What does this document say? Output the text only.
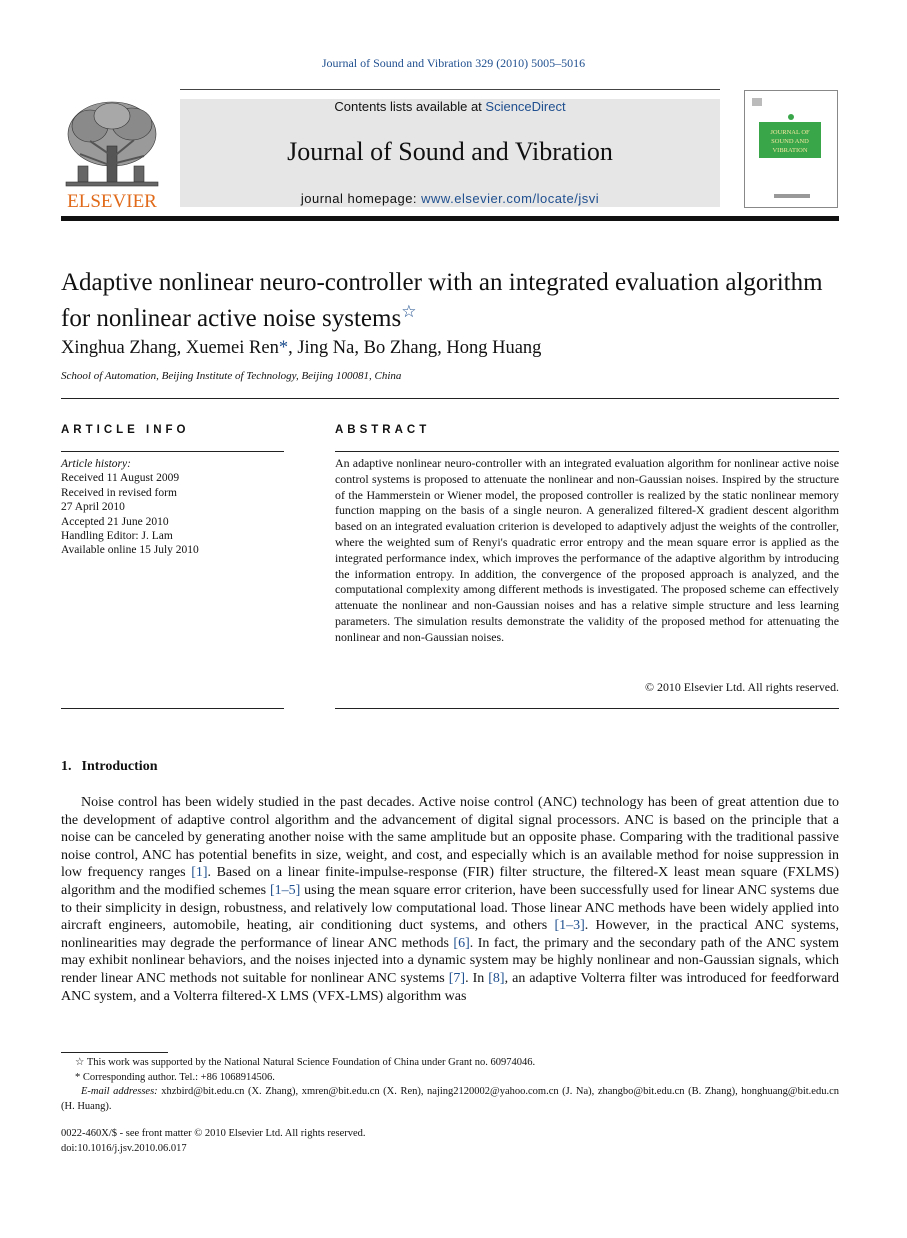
Journal of Sound and Vibration 329 (2010) 5005–5016
ELSEVIER
Contents lists available at ScienceDirect
Journal of Sound and Vibration
journal homepage: www.elsevier.com/locate/jsvi
JOURNAL OF
SOUND AND
VIBRATION
Adaptive nonlinear neuro-controller with an integrated evaluation algorithm for nonlinear active noise systems☆
Xinghua Zhang, Xuemei Ren*, Jing Na, Bo Zhang, Hong Huang
School of Automation, Beijing Institute of Technology, Beijing 100081, China
ARTICLE INFO
Article history:
Received 11 August 2009
Received in revised form
27 April 2010
Accepted 21 June 2010
Handling Editor: J. Lam
Available online 15 July 2010
ABSTRACT
An adaptive nonlinear neuro-controller with an integrated evaluation algorithm for nonlinear active noise control systems is proposed to attenuate the nonlinear and non-Gaussian noises. Inspired by the structure of the Hammerstein or Wiener model, the proposed controller is realized by the static nonlinear memory function mapping on the basis of a single neuron. A generalized filtered-X gradient descent algorithm based on an integrated evaluation criterion is developed to adaptively adjust the weights of the controller, where the weighted sum of Renyi's quadratic error entropy and the mean square error is applied as the integrated performance index, which improves the performance of the adaptive algorithm by introducing the information entropy. In addition, the convergence of the proposed approach is analyzed, and the computational complexity among different methods is investigated. The proposed scheme can effectively attenuate the nonlinear and non-Gaussian noises and has a relative simple structure and less learning parameters. The simulation results demonstrate the validity of the proposed method for attenuating the nonlinear and non-Gaussian noises.
© 2010 Elsevier Ltd. All rights reserved.
1. Introduction
Noise control has been widely studied in the past decades. Active noise control (ANC) technology has been of great attention due to the development of adaptive control algorithm and the advancement of digital signal processors. ANC is based on the principle that a noise can be canceled by generating another noise with the same amplitude but an opposite phase. Comparing with the traditional passive noise control, ANC has potential benefits in size, weight, and cost, and especially which is an available method for noise suppression in low frequency ranges [1]. Based on a linear finite-impulse-response (FIR) filter structure, the filtered-X least mean square (FXLMS) algorithm and the modified schemes [1–5] using the mean square error criterion, have been successfully used for linear ANC systems due to their simplicity in design, robustness, and relatively low computational load. Those linear ANC methods have been widely applied into aircraft engineers, automobile, heating, air conditioning duct systems, and others [1–3]. However, in the practical ANC systems, nonlinearities may degrade the performance of linear ANC methods [6]. In fact, the primary and the secondary path of the ANC system may exhibit nonlinear behaviors, and the noises injected into a dynamic system may be highly nonlinear and non-Gaussian signals, which render linear ANC methods not suitable for nonlinear ANC systems [7]. In [8], an adaptive Volterra filter was introduced for feedforward ANC system, and a Volterra filtered-X LMS (VFX-LMS) algorithm was
☆ This work was supported by the National Natural Science Foundation of China under Grant no. 60974046.
* Corresponding author. Tel.: +86 1068914506.
E-mail addresses: xhzbird@bit.edu.cn (X. Zhang), xmren@bit.edu.cn (X. Ren), najing2120002@yahoo.com.cn (J. Na), zhangbo@bit.edu.cn (B. Zhang), honghuang@bit.edu.cn (H. Huang).
0022-460X/$ - see front matter © 2010 Elsevier Ltd. All rights reserved.
doi:10.1016/j.jsv.2010.06.017
